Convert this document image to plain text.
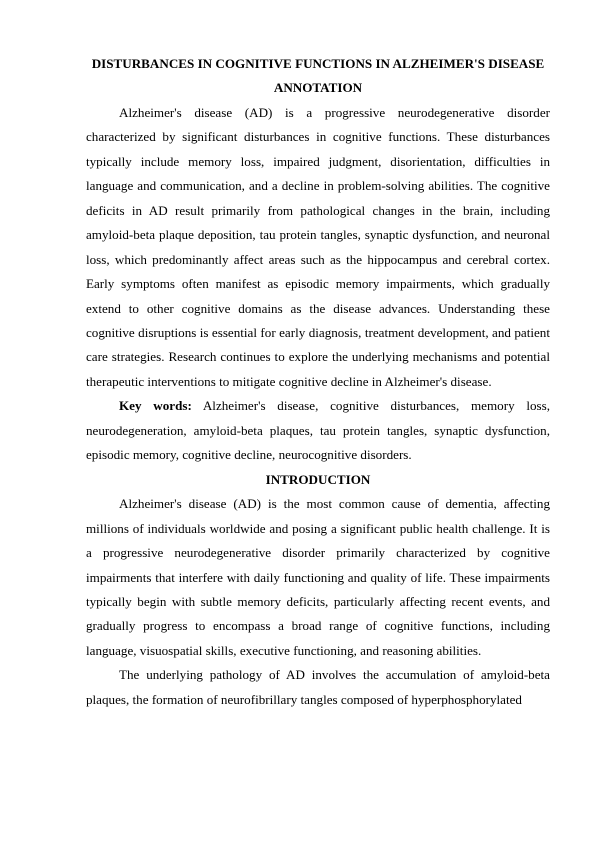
DISTURBANCES IN COGNITIVE FUNCTIONS IN ALZHEIMER'S DISEASE

ANNOTATION

Alzheimer's disease (AD) is a progressive neurodegenerative disorder characterized by significant disturbances in cognitive functions. These disturbances typically include memory loss, impaired judgment, disorientation, difficulties in language and communication, and a decline in problem-solving abilities. The cognitive deficits in AD result primarily from pathological changes in the brain, including amyloid-beta plaque deposition, tau protein tangles, synaptic dysfunction, and neuronal loss, which predominantly affect areas such as the hippocampus and cerebral cortex. Early symptoms often manifest as episodic memory impairments, which gradually extend to other cognitive domains as the disease advances. Understanding these cognitive disruptions is essential for early diagnosis, treatment development, and patient care strategies. Research continues to explore the underlying mechanisms and potential therapeutic interventions to mitigate cognitive decline in Alzheimer's disease.

Key words: Alzheimer's disease, cognitive disturbances, memory loss, neurodegeneration, amyloid-beta plaques, tau protein tangles, synaptic dysfunction, episodic memory, cognitive decline, neurocognitive disorders.

INTRODUCTION

Alzheimer's disease (AD) is the most common cause of dementia, affecting millions of individuals worldwide and posing a significant public health challenge. It is a progressive neurodegenerative disorder primarily characterized by cognitive impairments that interfere with daily functioning and quality of life. These impairments typically begin with subtle memory deficits, particularly affecting recent events, and gradually progress to encompass a broad range of cognitive functions, including language, visuospatial skills, executive functioning, and reasoning abilities.

The underlying pathology of AD involves the accumulation of amyloid-beta plaques, the formation of neurofibrillary tangles composed of hyperphosphorylated
